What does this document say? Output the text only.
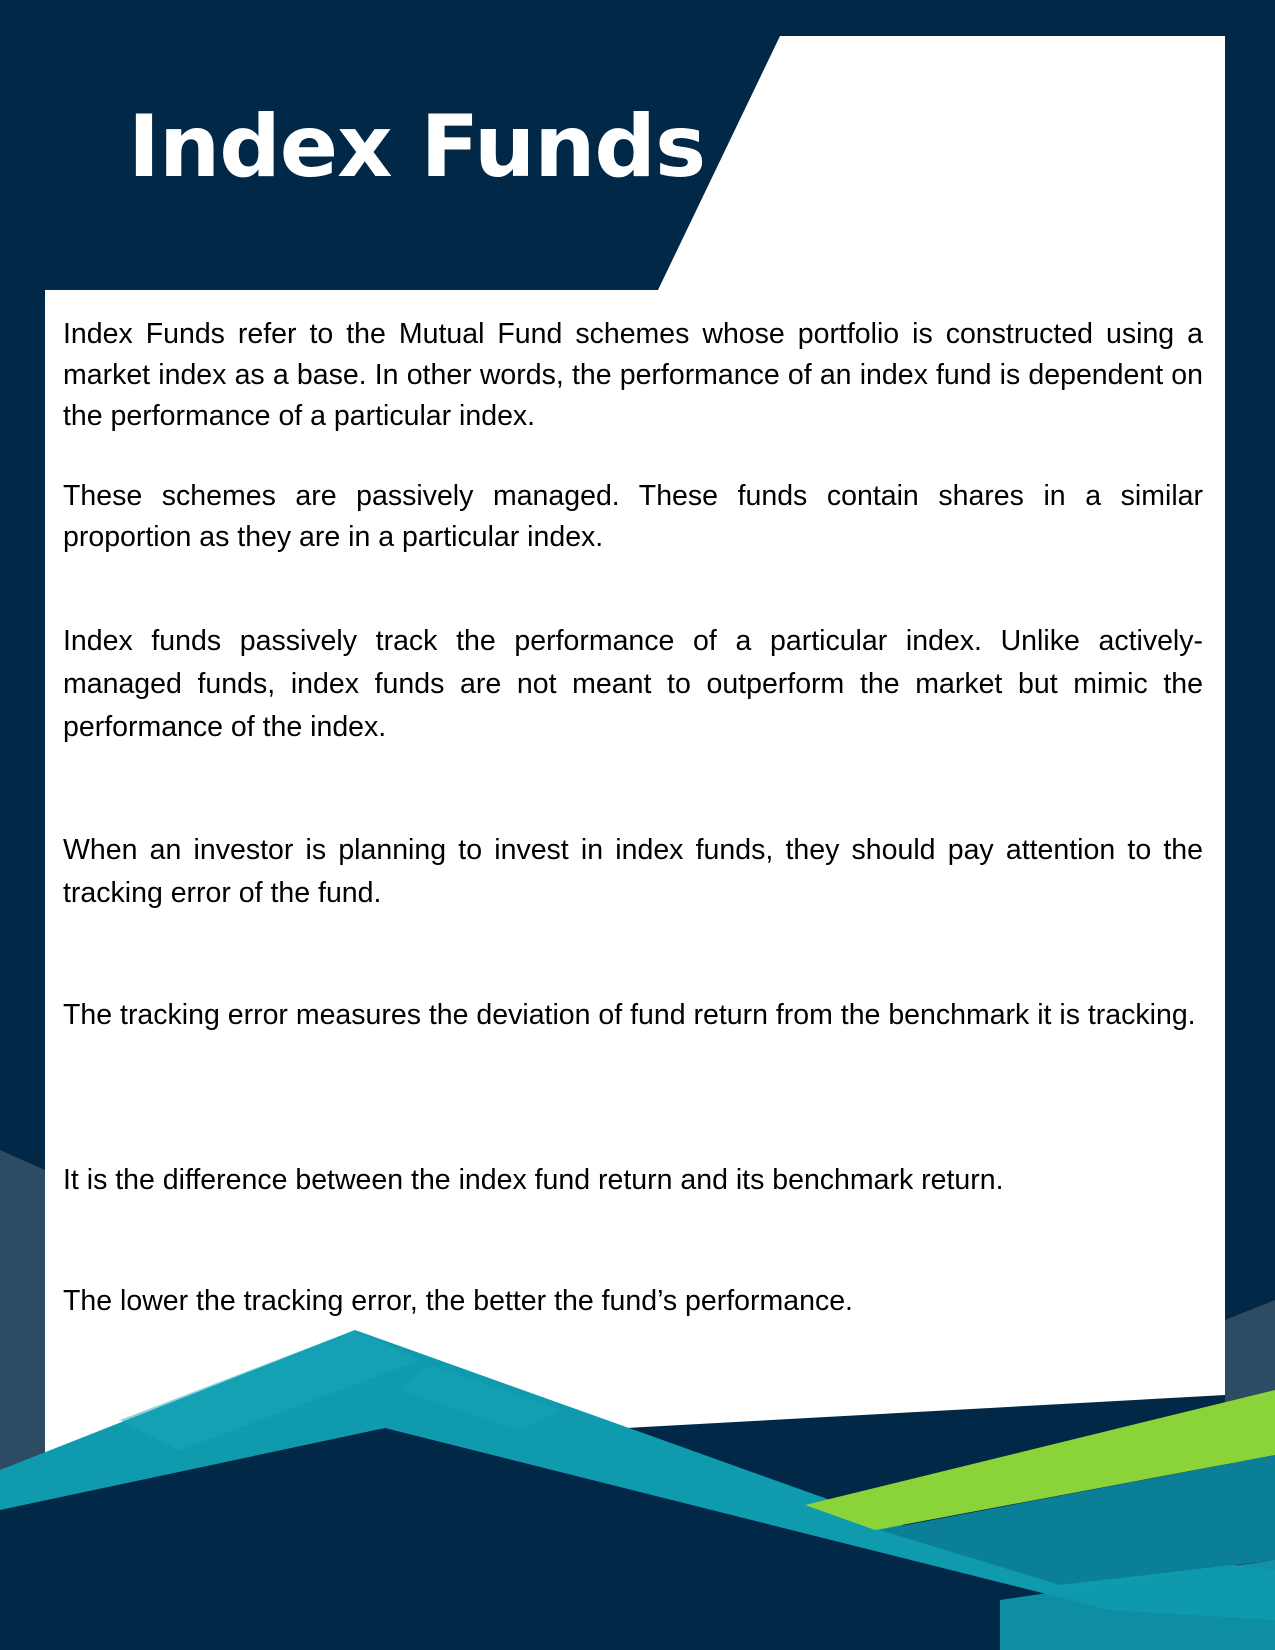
Index Funds

Index Funds refer to the Mutual Fund schemes whose portfolio is constructed using a market index as a base. In other words, the performance of an index fund is dependent on the performance of a particular index.

These schemes are passively managed. These funds contain shares in a similar proportion as they are in a particular index.

Index funds passively track the performance of a particular index. Unlike actively-managed funds, index funds are not meant to outperform the market but mimic the performance of the index.

When an investor is planning to invest in index funds, they should pay attention to the tracking error of the fund.

The tracking error measures the deviation of fund return from the benchmark it is tracking.

It is the difference between the index fund return and its benchmark return.

The lower the tracking error, the better the fund’s performance.
